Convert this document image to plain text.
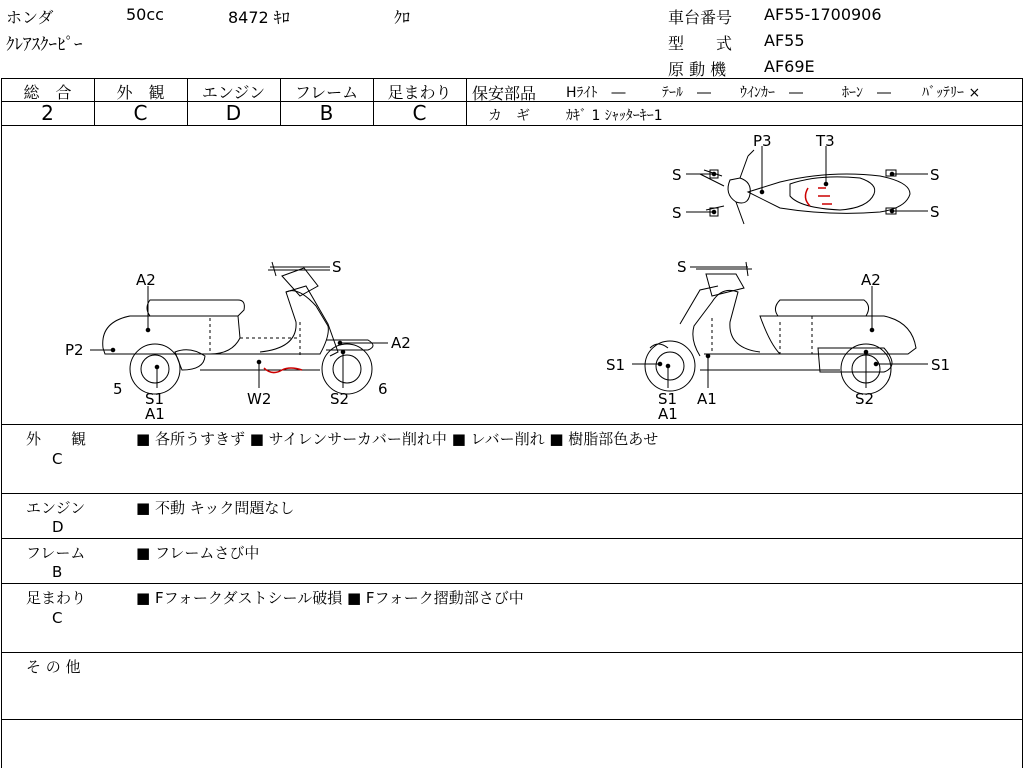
ホンダ	50cc	8472 ｷﾛ	ｸﾛ
ｸﾚｱｽｸｰﾋﾟｰ
車台番号 AF55-1700906
型　　式 AF55
原 動 機 AF69E
総　合
2
外　観
C
エンジン
D
フレーム
B
足まわり
C
保安部品 Hﾗｲﾄ　―	ﾃｰﾙ　― ｳｲﾝｶｰ　―	ﾎｰﾝ　― ﾊﾞｯﾃﾘｰ ×
カ　ギ	ｶｷﾞ 1 ｼｬｯﾀｰｷｰ1
S
A2
P2	A2
5
S1
A1
W2	S2
6
S
A2
S1
S1
A1
A1	S2
S1
P3	T3
S
S
S
S
外　　観
C
■ 各所うすきず ■ サイレンサーカバー削れ中 ■ レバー削れ ■ 樹脂部色あせ
エンジン
D
■ 不動 キック問題なし
フレーム
B
■ フレームさび中
足まわり
C
■ Fフォークダストシール破損 ■ Fフォーク摺動部さび中
そ の 他
